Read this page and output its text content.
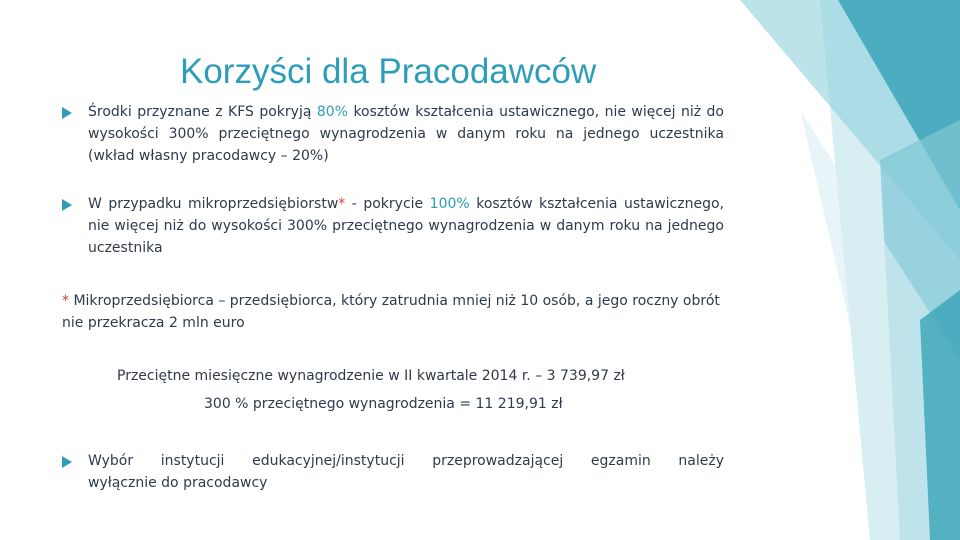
Korzyści dla Pracodawców
Środki przyznane z KFS pokryją 80% kosztów kształcenia ustawicznego, nie więcej niż do wysokości 300% przeciętnego wynagrodzenia w danym roku na jednego uczestnika (wkład własny pracodawcy – 20%)
W przypadku mikroprzedsiębiorstw* - pokrycie 100% kosztów kształcenia ustawicznego, nie więcej niż do wysokości 300% przeciętnego wynagrodzenia w danym roku na jednego uczestnika
* Mikroprzedsiębiorca – przedsiębiorca, który zatrudnia mniej niż 10 osób, a jego roczny obrót nie przekracza 2 mln euro
Przeciętne miesięczne wynagrodzenie w II kwartale 2014 r. – 3 739,97 zł
300 % przeciętnego wynagrodzenia = 11 219,91 zł
Wybór instytucji edukacyjnej/instytucji przeprowadzającej egzamin należy
wyłącznie do pracodawcy
